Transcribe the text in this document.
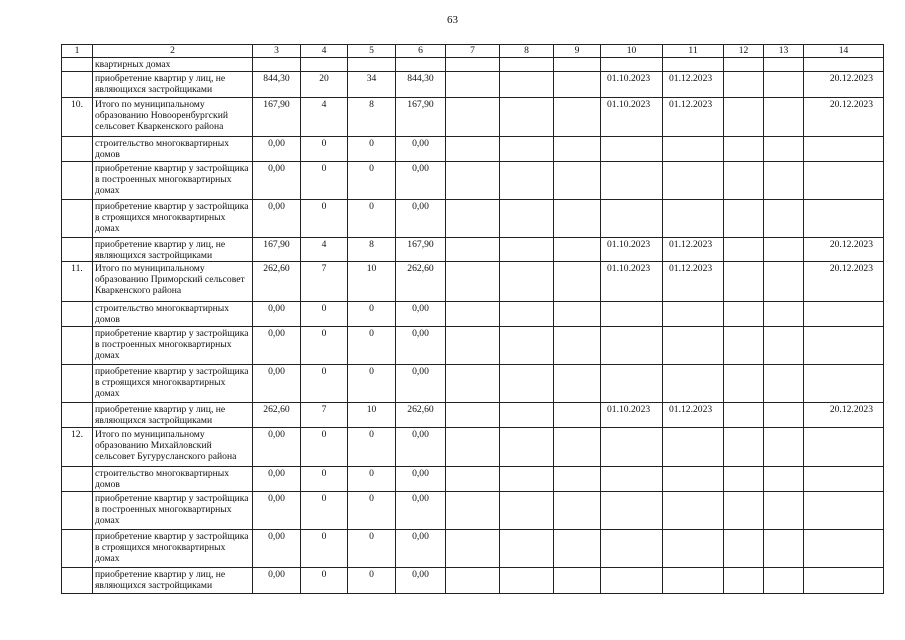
63
1	2	3	4	5	6	7	8	9	10	11	12	13	14
	квартирных домах												
	приобретение квартир у лиц, не являющихся застройщиками	844,30	20	34	844,30				01.10.2023	01.12.2023			20.12.2023
10.	Итого по муниципальному образованию Новооренбургский сельсовет Кваркенского района	167,90	4	8	167,90				01.10.2023	01.12.2023			20.12.2023
	строительство многоквартирных домов	0,00	0	0	0,00								
	приобретение квартир у застройщика в построенных многоквартирных домах	0,00	0	0	0,00								
	приобретение квартир у застройщика в строящихся многоквартирных домах	0,00	0	0	0,00								
	приобретение квартир у лиц, не являющихся застройщиками	167,90	4	8	167,90				01.10.2023	01.12.2023			20.12.2023
11.	Итого по муниципальному образованию Приморский сельсовет Кваркенского района	262,60	7	10	262,60				01.10.2023	01.12.2023			20.12.2023
	строительство многоквартирных домов	0,00	0	0	0,00								
	приобретение квартир у застройщика в построенных многоквартирных домах	0,00	0	0	0,00								
	приобретение квартир у застройщика в строящихся многоквартирных домах	0,00	0	0	0,00								
	приобретение квартир у лиц, не являющихся застройщиками	262,60	7	10	262,60				01.10.2023	01.12.2023			20.12.2023
12.	Итого по муниципальному образованию Михайловский сельсовет Бугурусланского района	0,00	0	0	0,00								
	строительство многоквартирных домов	0,00	0	0	0,00								
	приобретение квартир у застройщика в построенных многоквартирных домах	0,00	0	0	0,00								
	приобретение квартир у застройщика в строящихся многоквартирных домах	0,00	0	0	0,00								
	приобретение квартир у лиц, не являющихся застройщиками	0,00	0	0	0,00								
